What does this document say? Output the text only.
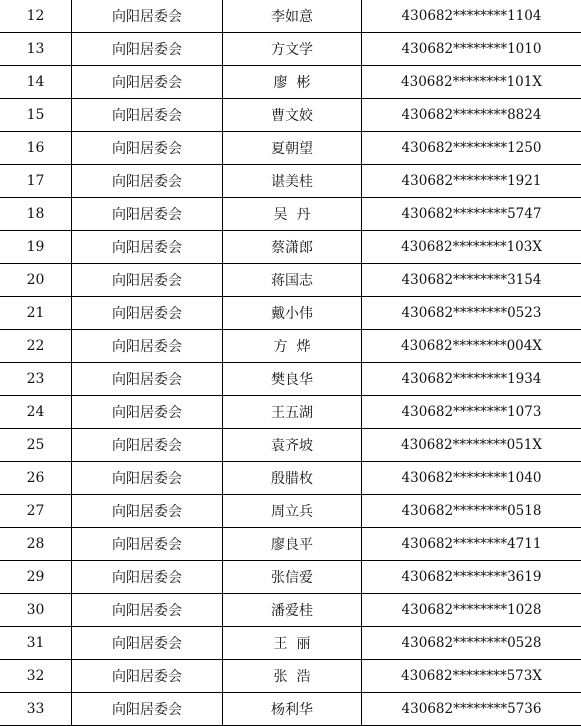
12	向阳居委会	李如意	430682********1104
13	向阳居委会	方文学	430682********1010
14	向阳居委会	廖  彬	430682********101X
15	向阳居委会	曹文姣	430682********8824
16	向阳居委会	夏朝望	430682********1250
17	向阳居委会	谌美桂	430682********1921
18	向阳居委会	吴  丹	430682********5747
19	向阳居委会	蔡潇郎	430682********103X
20	向阳居委会	蒋国志	430682********3154
21	向阳居委会	戴小伟	430682********0523
22	向阳居委会	方  烨	430682********004X
23	向阳居委会	樊良华	430682********1934
24	向阳居委会	王五湖	430682********1073
25	向阳居委会	袁齐坡	430682********051X
26	向阳居委会	殷腊枚	430682********1040
27	向阳居委会	周立兵	430682********0518
28	向阳居委会	廖良平	430682********4711
29	向阳居委会	张信爱	430682********3619
30	向阳居委会	潘爱桂	430682********1028
31	向阳居委会	王  丽	430682********0528
32	向阳居委会	张  浩	430682********573X
33	向阳居委会	杨利华	430682********5736
